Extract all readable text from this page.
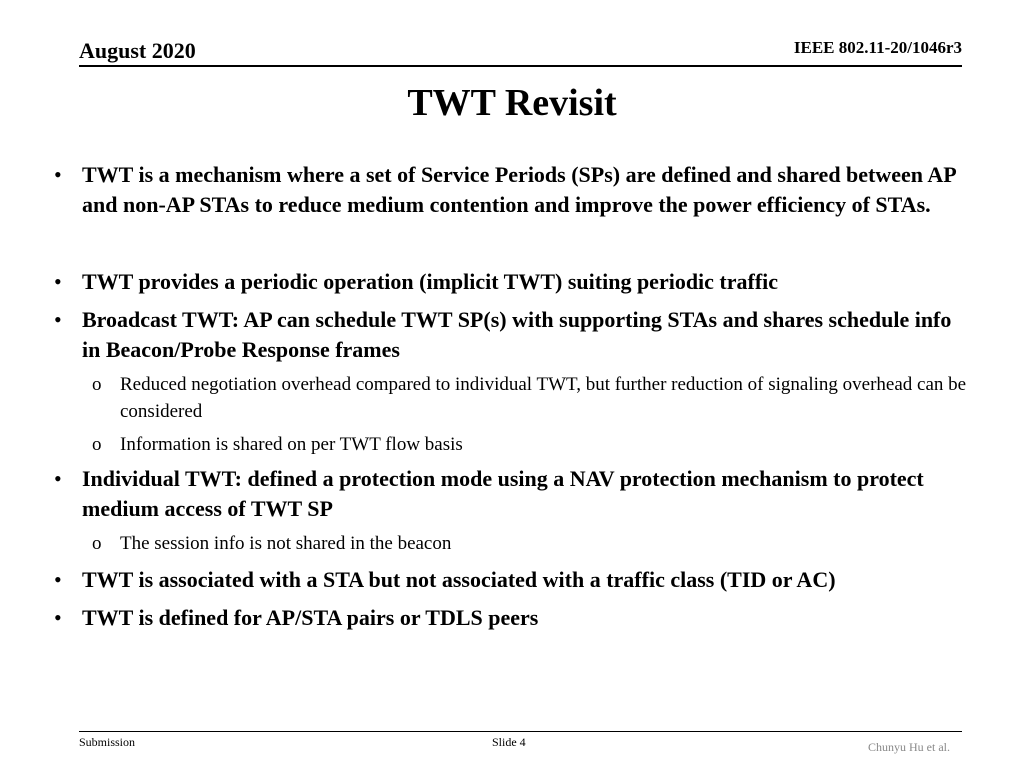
August 2020	IEEE 802.11-20/1046r3
TWT Revisit
• TWT is a mechanism where a set of Service Periods (SPs) are defined and shared between AP and non-AP STAs to reduce medium contention and improve the power efficiency of STAs.
• TWT provides a periodic operation (implicit TWT) suiting periodic traffic
• Broadcast TWT: AP can schedule TWT SP(s) with supporting STAs and shares schedule info in Beacon/Probe Response frames
o Reduced negotiation overhead compared to individual TWT, but further reduction of signaling overhead can be considered
o Information is shared on per TWT flow basis
• Individual TWT: defined a protection mode using a NAV protection mechanism to protect medium access of TWT SP
o The session info is not shared in the beacon
• TWT is associated with a STA but not associated with a traffic class (TID or AC)
• TWT is defined for AP/STA pairs or TDLS peers
Submission	Slide 4	Chunyu Hu et al.
